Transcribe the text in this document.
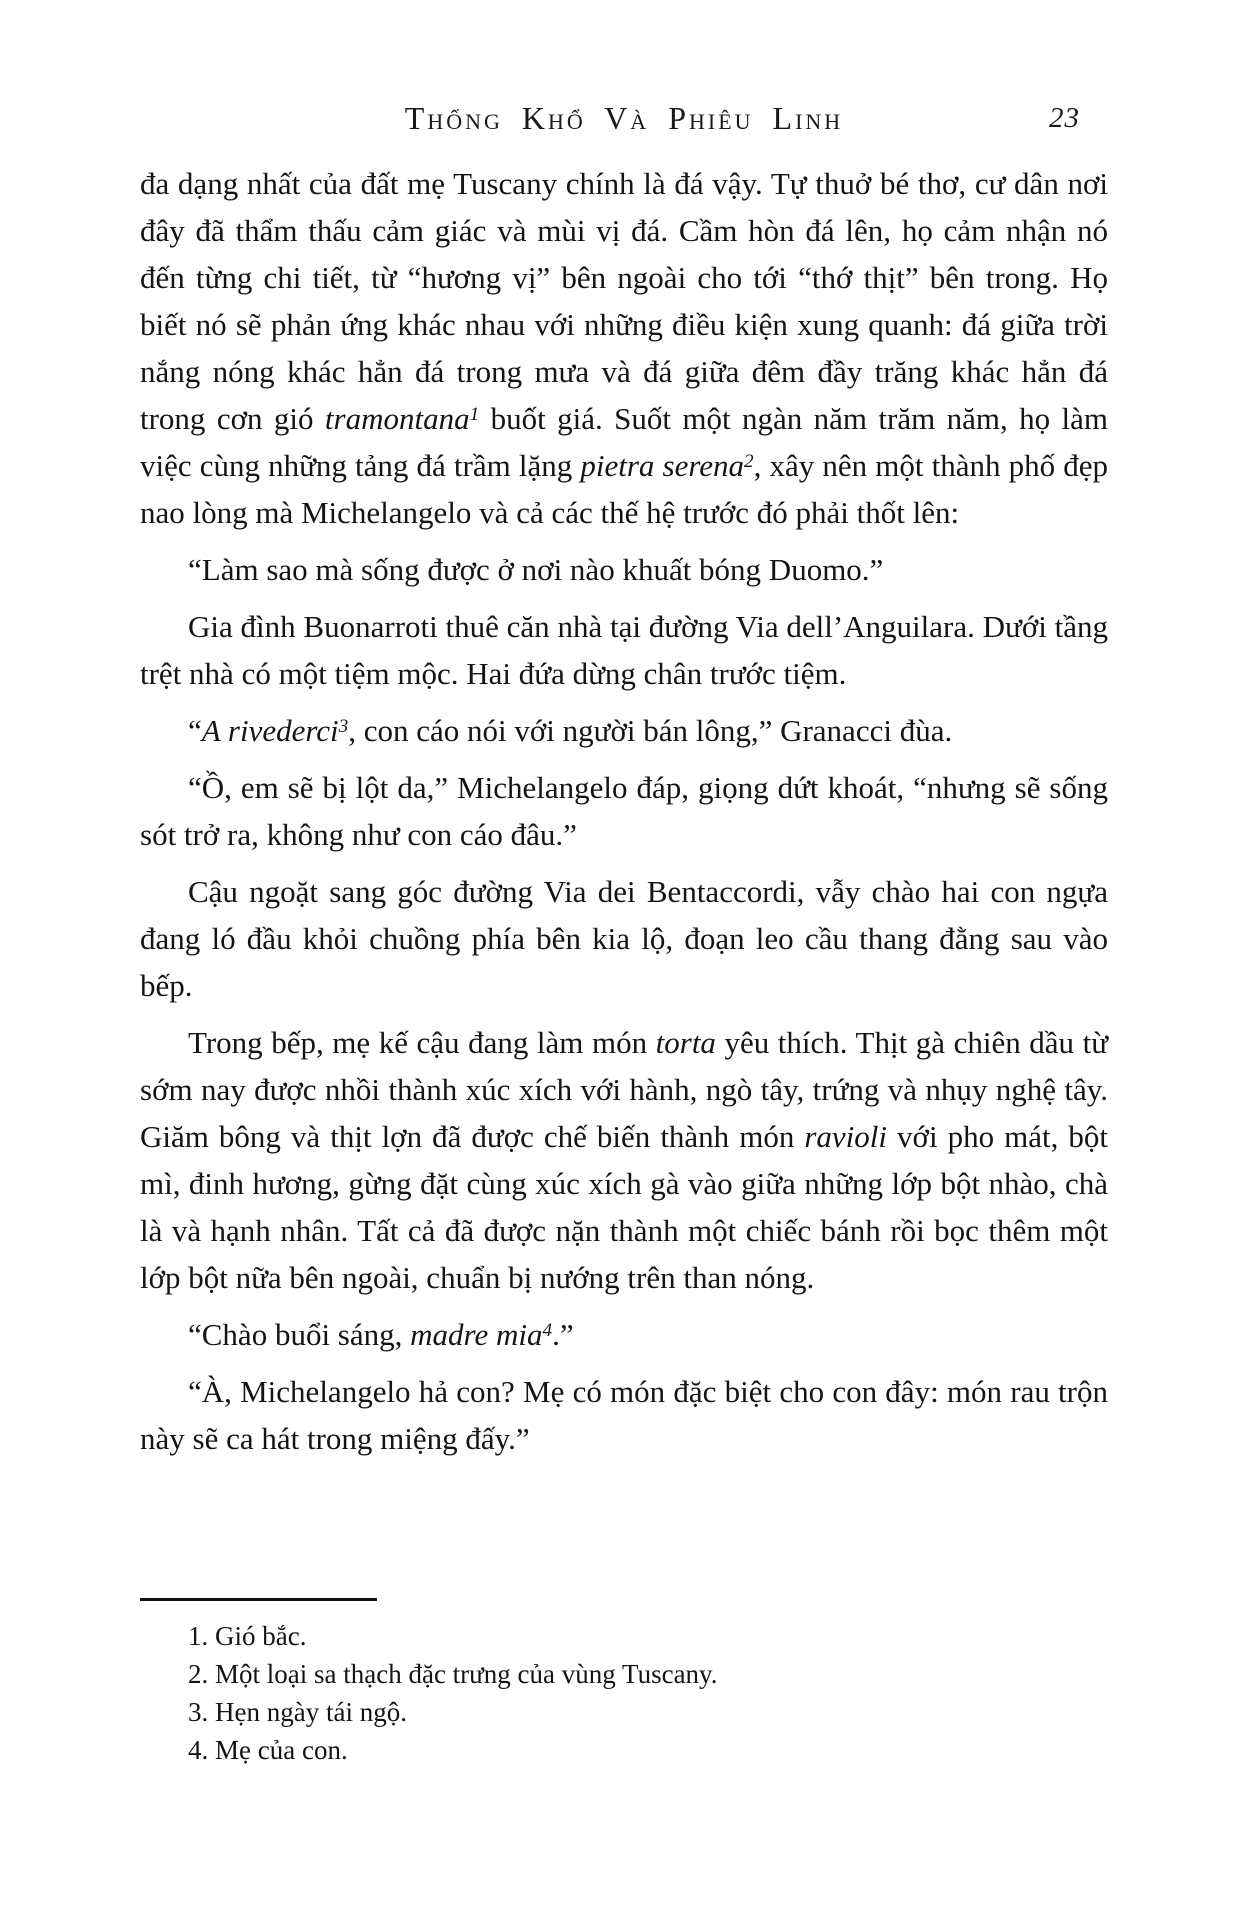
Thống Khổ Và Phiêu Linh	23

đa dạng nhất của đất mẹ Tuscany chính là đá vậy. Tự thuở bé thơ, cư dân nơi đây đã thẩm thấu cảm giác và mùi vị đá. Cầm hòn đá lên, họ cảm nhận nó đến từng chi tiết, từ “hương vị” bên ngoài cho tới “thớ thịt” bên trong. Họ biết nó sẽ phản ứng khác nhau với những điều kiện xung quanh: đá giữa trời nắng nóng khác hẳn đá trong mưa và đá giữa đêm đầy trăng khác hẳn đá trong cơn gió tramontana$^1$ buốt giá. Suốt một ngàn năm trăm năm, họ làm việc cùng những tảng đá trầm lặng pietra serena$^2$, xây nên một thành phố đẹp nao lòng mà Michelangelo và cả các thế hệ trước đó phải thốt lên:

“Làm sao mà sống được ở nơi nào khuất bóng Duomo.”

Gia đình Buonarroti thuê căn nhà tại đường Via dell’Anguilara. Dưới tầng trệt nhà có một tiệm mộc. Hai đứa dừng chân trước tiệm.

“A rivederci$^3$, con cáo nói với người bán lông,” Granacci đùa.

“Ồ, em sẽ bị lột da,” Michelangelo đáp, giọng dứt khoát, “nhưng sẽ sống sót trở ra, không như con cáo đâu.”

Cậu ngoặt sang góc đường Via dei Bentaccordi, vẫy chào hai con ngựa đang ló đầu khỏi chuồng phía bên kia lộ, đoạn leo cầu thang đằng sau vào bếp.

Trong bếp, mẹ kế cậu đang làm món torta yêu thích. Thịt gà chiên dầu từ sớm nay được nhồi thành xúc xích với hành, ngò tây, trứng và nhụy nghệ tây. Giăm bông và thịt lợn đã được chế biến thành món ravioli với pho mát, bột mì, đinh hương, gừng đặt cùng xúc xích gà vào giữa những lớp bột nhào, chà là và hạnh nhân. Tất cả đã được nặn thành một chiếc bánh rồi bọc thêm một lớp bột nữa bên ngoài, chuẩn bị nướng trên than nóng.

“Chào buổi sáng, madre mia$^4$.”

“À, Michelangelo hả con? Mẹ có món đặc biệt cho con đây: món rau trộn này sẽ ca hát trong miệng đấy.”

1. Gió bắc.
2. Một loại sa thạch đặc trưng của vùng Tuscany.
3. Hẹn ngày tái ngộ.
4. Mẹ của con.
